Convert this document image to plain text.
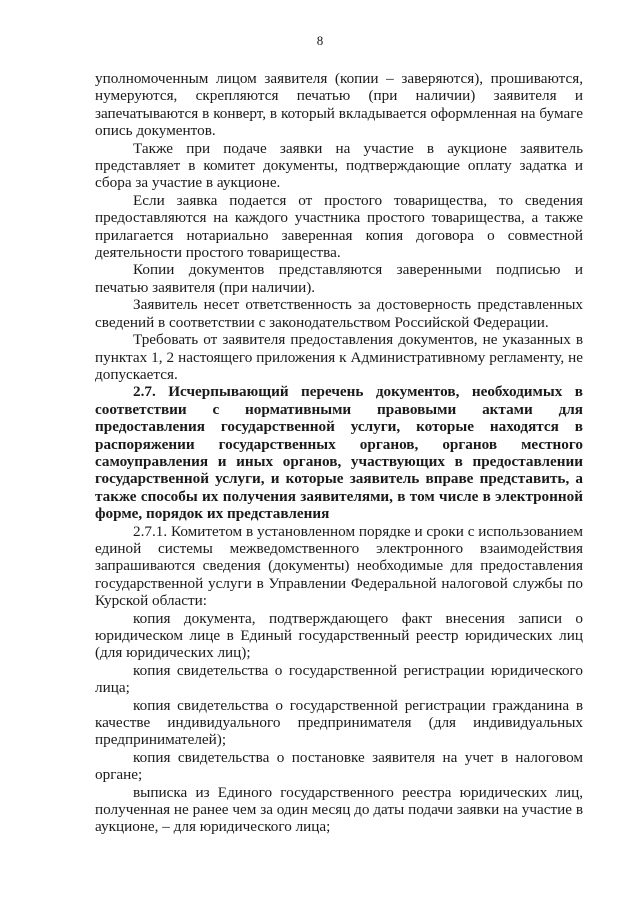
8

уполномоченным лицом заявителя (копии – заверяются), прошиваются, нумеруются, скрепляются печатью (при наличии) заявителя и запечатываются в конверт, в который вкладывается оформленная на бумаге опись документов.

Также при подаче заявки на участие в аукционе заявитель представляет в комитет документы, подтверждающие оплату задатка и сбора за участие в аукционе.

Если заявка подается от простого товарищества, то сведения предоставляются на каждого участника простого товарищества, а также прилагается нотариально заверенная копия договора о совместной деятельности простого товарищества.

Копии документов представляются заверенными подписью и печатью заявителя (при наличии).

Заявитель несет ответственность за достоверность представленных сведений в соответствии с законодательством Российской Федерации.

Требовать от заявителя предоставления документов, не указанных в пунктах 1, 2 настоящего приложения к Административному регламенту, не допускается.

2.7. Исчерпывающий перечень документов, необходимых в соответствии с нормативными правовыми актами для предоставления государственной услуги, которые находятся в распоряжении государственных органов, органов местного самоуправления и иных органов, участвующих в предоставлении государственной услуги, и которые заявитель вправе представить, а также способы их получения заявителями, в том числе в электронной форме, порядок их представления

2.7.1. Комитетом в установленном порядке и сроки с использованием единой системы межведомственного электронного взаимодействия запрашиваются сведения (документы) необходимые для предоставления государственной услуги в Управлении Федеральной налоговой службы по Курской области:

копия документа, подтверждающего факт внесения записи о юридическом лице в Единый государственный реестр юридических лиц (для юридических лиц);

копия свидетельства о государственной регистрации юридического лица;

копия свидетельства о государственной регистрации гражданина в качестве индивидуального предпринимателя (для индивидуальных предпринимателей);

копия свидетельства о постановке заявителя на учет в налоговом органе;

выписка из Единого государственного реестра юридических лиц, полученная не ранее чем за один месяц до даты подачи заявки на участие в аукционе, – для юридического лица;
